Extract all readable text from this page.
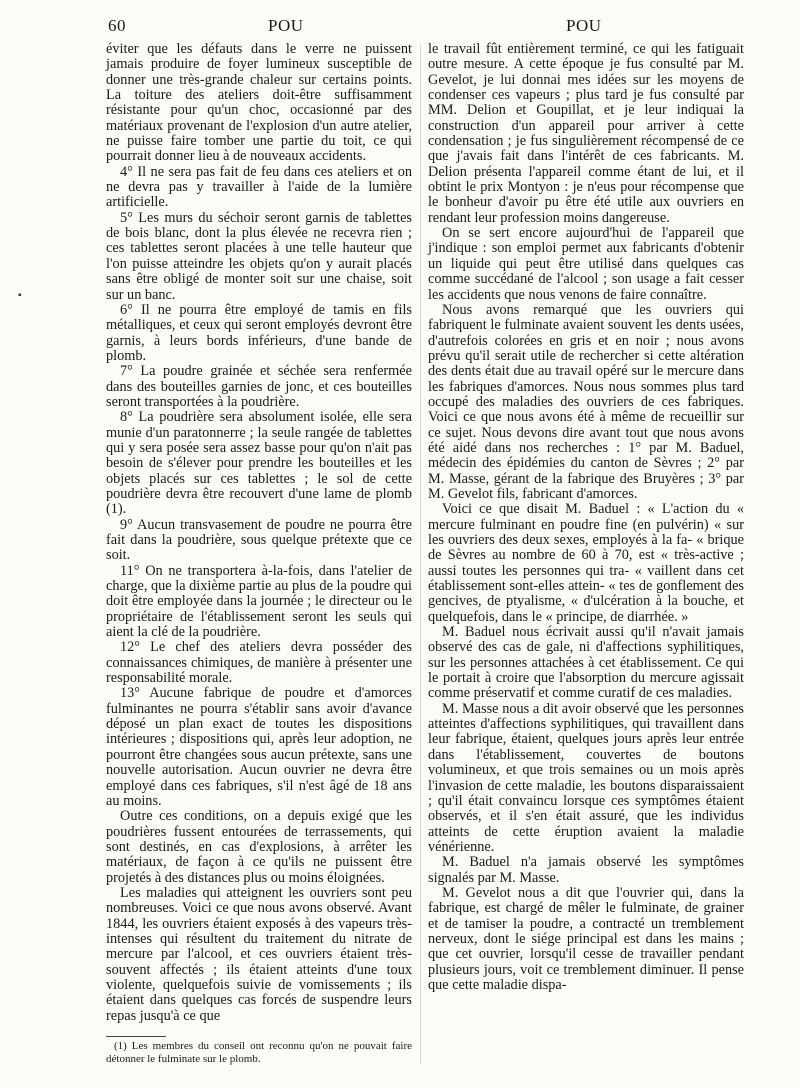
60	POU	POU
▪

éviter que les défauts dans le verre ne puissent jamais produire de foyer lumineux susceptible de donner une très-grande chaleur sur certains points. La toiture des ateliers doit-être suffisamment résistante pour qu'un choc, occasionné par des matériaux provenant de l'explosion d'un autre atelier, ne puisse faire tomber une partie du toit, ce qui pourrait donner lieu à de nouveaux accidents.

4° Il ne sera pas fait de feu dans ces ateliers et on ne devra pas y travailler à l'aide de la lumière artificielle.

5° Les murs du séchoir seront garnis de tablettes de bois blanc, dont la plus élevée ne recevra rien ; ces tablettes seront placées à une telle hauteur que l'on puisse atteindre les objets qu'on y aurait placés sans être obligé de monter soit sur une chaise, soit sur un banc.

6° Il ne pourra être employé de tamis en fils métalliques, et ceux qui seront employés devront être garnis, à leurs bords inférieurs, d'une bande de plomb.

7° La poudre grainée et séchée sera renfermée dans des bouteilles garnies de jonc, et ces bouteilles seront transportées à la poudrière.

8° La poudrière sera absolument isolée, elle sera munie d'un paratonnerre ; la seule rangée de tablettes qui y sera posée sera assez basse pour qu'on n'ait pas besoin de s'élever pour prendre les bouteilles et les objets placés sur ces tablettes ; le sol de cette poudrière devra être recouvert d'une lame de plomb (1).

9° Aucun transvasement de poudre ne pourra être fait dans la poudrière, sous quelque prétexte que ce soit.

11° On ne transportera à-la-fois, dans l'atelier de charge, que la dixième partie au plus de la poudre qui doit être employée dans la journée ; le directeur ou le propriétaire de l'établissement seront les seuls qui aient la clé de la poudrière.

12° Le chef des ateliers devra posséder des connaissances chimiques, de manière à présenter une responsabilité morale.

13° Aucune fabrique de poudre et d'amorces fulminantes ne pourra s'établir sans avoir d'avance déposé un plan exact de toutes les dispositions intérieures ; dispositions qui, après leur adoption, ne pourront être changées sous aucun prétexte, sans une nouvelle autorisation. Aucun ouvrier ne devra être employé dans ces fabriques, s'il n'est âgé de 18 ans au moins.

Outre ces conditions, on a depuis exigé que les poudrières fussent entourées de terrassements, qui sont destinés, en cas d'explosions, à arrêter les matériaux, de façon à ce qu'ils ne puissent être projetés à des distances plus ou moins éloignées.

Les maladies qui atteignent les ouvriers sont peu nombreuses. Voici ce que nous avons observé. Avant 1844, les ouvriers étaient exposés à des vapeurs très-intenses qui résultent du traitement du nitrate de mercure par l'alcool, et ces ouvriers étaient très-souvent affectés ; ils étaient atteints d'une toux violente, quelquefois suivie de vomissements ; ils étaient dans quelques cas forcés de suspendre leurs repas jusqu'à ce que

le travail fût entièrement terminé, ce qui les fatiguait outre mesure. A cette époque je fus consulté par M. Gevelot, je lui donnai mes idées sur les moyens de condenser ces vapeurs ; plus tard je fus consulté par MM. Delion et Goupillat, et je leur indiquai la construction d'un appareil pour arriver à cette condensation ; je fus singulièrement récompensé de ce que j'avais fait dans l'intérêt de ces fabricants. M. Delion présenta l'appareil comme étant de lui, et il obtint le prix Montyon : je n'eus pour récompense que le bonheur d'avoir pu être été utile aux ouvriers en rendant leur profession moins dangereuse.

On se sert encore aujourd'hui de l'appareil que j'indique : son emploi permet aux fabricants d'obtenir un liquide qui peut être utilisé dans quelques cas comme succédané de l'alcool ; son usage a fait cesser les accidents que nous venons de faire connaître.

Nous avons remarqué que les ouvriers qui fabriquent le fulminate avaient souvent les dents usées, d'autrefois colorées en gris et en noir ; nous avons prévu qu'il serait utile de rechercher si cette altération des dents était due au travail opéré sur le mercure dans les fabriques d'amorces. Nous nous sommes plus tard occupé des maladies des ouvriers de ces fabriques. Voici ce que nous avons été à même de recueillir sur ce sujet. Nous devons dire avant tout que nous avons été aidé dans nos recherches : 1° par M. Baduel, médecin des épidémies du canton de Sèvres ; 2° par M. Masse, gérant de la fabrique des Bruyères ; 3° par M. Gevelot fils, fabricant d'amorces.

Voici ce que disait M. Baduel : « L'action du « mercure fulminant en poudre fine (en pulvérin) « sur les ouvriers des deux sexes, employés à la fa- « brique de Sèvres au nombre de 60 à 70, est « très-active ; aussi toutes les personnes qui tra- « vaillent dans cet établissement sont-elles attein- « tes de gonflement des gencives, de ptyalisme, « d'ulcération à la bouche, et quelquefois, dans le « principe, de diarrhée. »

M. Baduel nous écrivait aussi qu'il n'avait jamais observé des cas de gale, ni d'affections syphilitiques, sur les personnes attachées à cet établissement. Ce qui le portait à croire que l'absorption du mercure agissait comme préservatif et comme curatif de ces maladies.

M. Masse nous a dit avoir observé que les personnes atteintes d'affections syphilitiques, qui travaillent dans leur fabrique, étaient, quelques jours après leur entrée dans l'établissement, couvertes de boutons volumineux, et que trois semaines ou un mois après l'invasion de cette maladie, les boutons disparaissaient ; qu'il était convaincu lorsque ces symptômes étaient observés, et il s'en était assuré, que les individus atteints de cette éruption avaient la maladie vénérienne.

M. Baduel n'a jamais observé les symptômes signalés par M. Masse.

M. Gevelot nous a dit que l'ouvrier qui, dans la fabrique, est chargé de mêler le fulminate, de grainer et de tamiser la poudre, a contracté un tremblement nerveux, dont le siége principal est dans les mains ; que cet ouvrier, lorsqu'il cesse de travailler pendant plusieurs jours, voit ce tremblement diminuer. Il pense que cette maladie dispa-

(1) Les membres du conseil ont reconnu qu'on ne pouvait faire détonner le fulminate sur le plomb.
